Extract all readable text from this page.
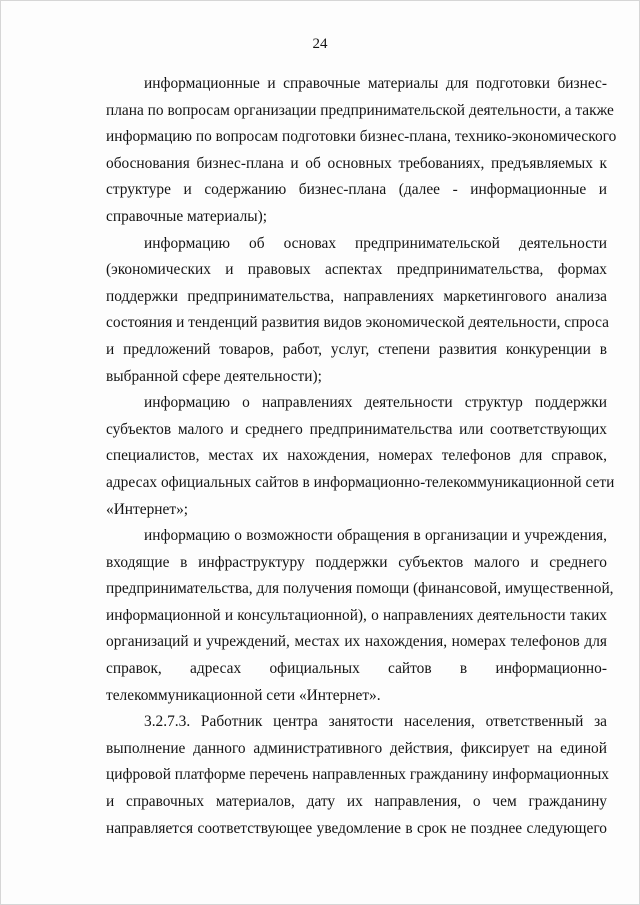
24
информационные и справочные материалы для подготовки бизнес-
плана по вопросам организации предпринимательской деятельности, а также
информацию по вопросам подготовки бизнес-плана, технико-экономического
обоснования бизнес-плана и об основных требованиях, предъявляемых к
структуре и содержанию бизнес-плана (далее - информационные и
справочные материалы);
информацию об основах предпринимательской деятельности
(экономических и правовых аспектах предпринимательства, формах
поддержки предпринимательства, направлениях маркетингового анализа
состояния и тенденций развития видов экономической деятельности, спроса
и предложений товаров, работ, услуг, степени развития конкуренции в
выбранной сфере деятельности);
информацию о направлениях деятельности структур поддержки
субъектов малого и среднего предпринимательства или соответствующих
специалистов, местах их нахождения, номерах телефонов для справок,
адресах официальных сайтов в информационно-телекоммуникационной сети
«Интернет»;
информацию о возможности обращения в организации и учреждения,
входящие в инфраструктуру поддержки субъектов малого и среднего
предпринимательства, для получения помощи (финансовой, имущественной,
информационной и консультационной), о направлениях деятельности таких
организаций и учреждений, местах их нахождения, номерах телефонов для
справок, адресах официальных сайтов в информационно-
телекоммуникационной сети «Интернет».
3.2.7.3. Работник центра занятости населения, ответственный за
выполнение данного административного действия, фиксирует на единой
цифровой платформе перечень направленных гражданину информационных
и справочных материалов, дату их направления, о чем гражданину
направляется соответствующее уведомление в срок не позднее следующего
